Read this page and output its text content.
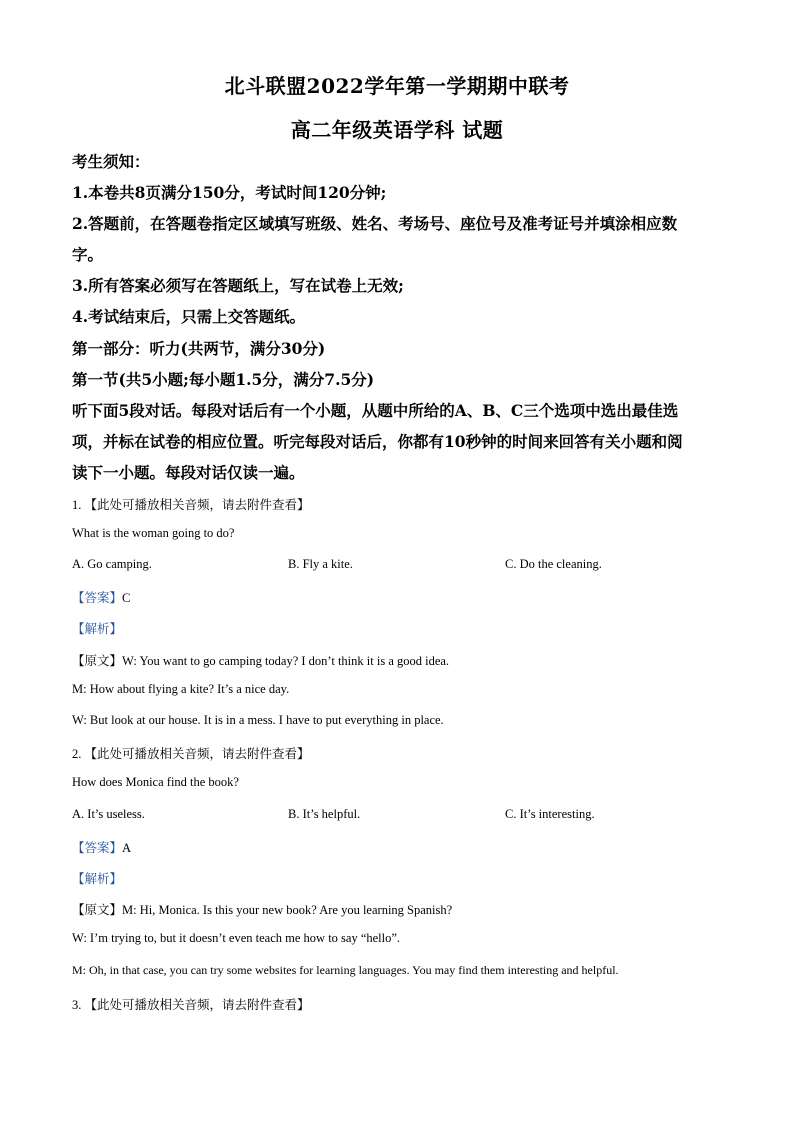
北斗联盟2022学年第一学期期中联考
高二年级英语学科 试题
考生须知：
1.本卷共8页满分150分，考试时间120分钟;
2.答题前，在答题卷指定区域填写班级、姓名、考场号、座位号及准考证号并填涂相应数
字。
3.所有答案必须写在答题纸上，写在试卷上无效;
4.考试结束后，只需上交答题纸。
第一部分：听力(共两节，满分30分)
第一节(共5小题;每小题1.5分，满分7.5分)
听下面5段对话。每段对话后有一个小题，从题中所给的A、B、C三个选项中选出最佳选
项，并标在试卷的相应位置。听完每段对话后，你都有10秒钟的时间来回答有关小题和阅
读下一小题。每段对话仅读一遍。
1. 【此处可播放相关音频，请去附件查看】
What is the woman going to do?
A. Go camping.	B. Fly a kite.	C. Do the cleaning.
【答案】C
【解析】
【原文】W: You want to go camping today? I don’t think it is a good idea.
M: How about flying a kite? It’s a nice day.
W: But look at our house. It is in a mess. I have to put everything in place.
2. 【此处可播放相关音频，请去附件查看】
How does Monica find the book?
A. It’s useless.	B. It’s helpful.	C. It’s interesting.
【答案】A
【解析】
【原文】M: Hi, Monica. Is this your new book? Are you learning Spanish?
W: I’m trying to, but it doesn’t even teach me how to say “hello”.
M: Oh, in that case, you can try some websites for learning languages. You may find them interesting and helpful.
3. 【此处可播放相关音频，请去附件查看】
